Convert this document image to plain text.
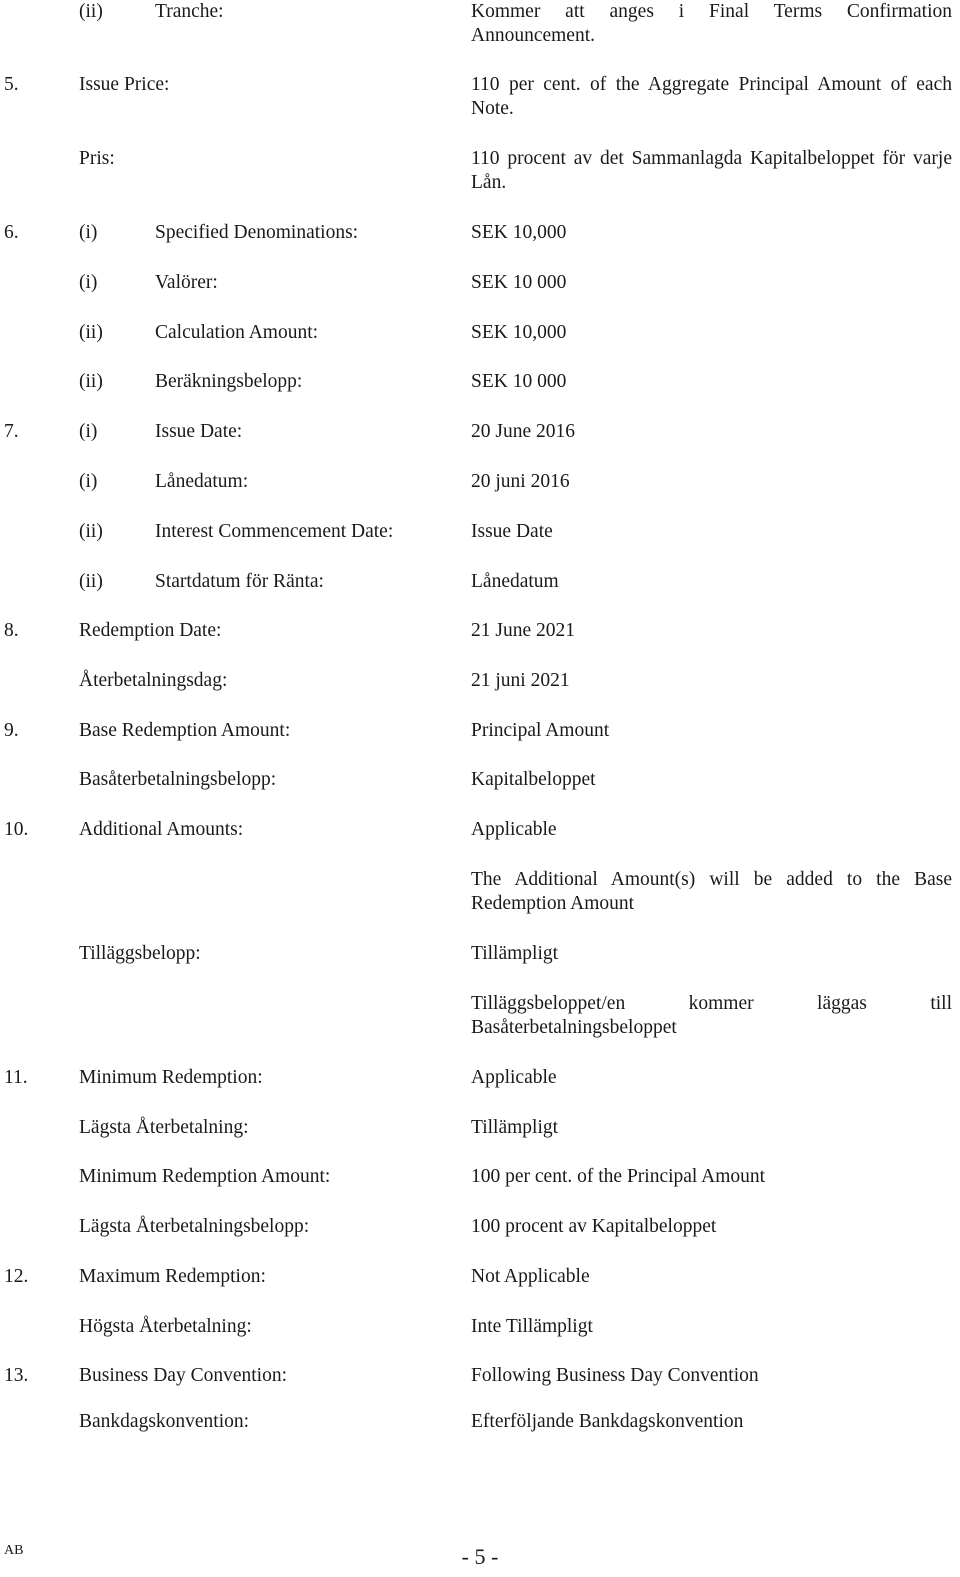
(ii)	Tranche:	Kommer att anges i Final Terms Confirmation Announcement.
5.	Issue Price:	110 per cent. of the Aggregate Principal Amount of each Note.
Pris:	110 procent av det Sammanlagda Kapitalbeloppet för varje Lån.
6.	(i)	Specified Denominations:	SEK 10,000
(i)	Valörer:	SEK 10 000
(ii)	Calculation Amount:	SEK 10,000
(ii)	Beräkningsbelopp:	SEK 10 000
7.	(i)	Issue Date:	20 June 2016
(i)	Lånedatum:	20 juni 2016
(ii)	Interest Commencement Date:	Issue Date
(ii)	Startdatum för Ränta:	Lånedatum
8.	Redemption Date:	21 June 2021
Återbetalningsdag:	21 juni 2021
9.	Base Redemption Amount:	Principal Amount
Basåterbetalningsbelopp:	Kapitalbeloppet
10.	Additional Amounts:	Applicable
The Additional Amount(s) will be added to the Base Redemption Amount
Tilläggsbelopp:	Tillämpligt
Tilläggsbeloppet/en kommer läggas till Basåterbetalningsbeloppet
11.	Minimum Redemption:	Applicable
Lägsta Återbetalning:	Tillämpligt
Minimum Redemption Amount:	100 per cent. of the Principal Amount
Lägsta Återbetalningsbelopp:	100 procent av Kapitalbeloppet
12.	Maximum Redemption:	Not Applicable
Högsta Återbetalning:	Inte Tillämpligt
13.	Business Day Convention:	Following Business Day Convention
Bankdagskonvention:	Efterföljande Bankdagskonvention
AB	- 5 -
